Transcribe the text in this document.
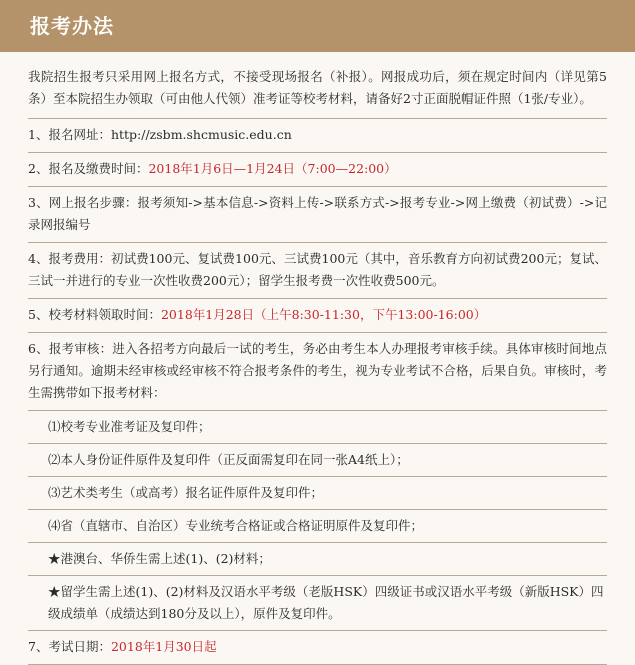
报考办法
我院招生报考只采用网上报名方式，不接受现场报名（补报）。网报成功后，须在规定时间内（详见第5条）至本院招生办领取（可由他人代领）准考证等校考材料，请备好2寸正面脱帽证件照（1张/专业）。
1、报名网址：http://zsbm.shcmusic.edu.cn
2、报名及缴费时间：2018年1月6日—1月24日（7:00—22:00）
3、网上报名步骤：报考须知->基本信息->资料上传->联系方式->报考专业->网上缴费（初试费）->记录网报编号
4、报考费用：初试费100元、复试费100元、三试费100元（其中，音乐教育方向初试费200元；复试、三试一并进行的专业一次性收费200元）；留学生报考费一次性收费500元。
5、校考材料领取时间：2018年1月28日（上午8:30-11:30，下午13:00-16:00）
6、报考审核：进入各招考方向最后一试的考生，务必由考生本人办理报考审核手续。具体审核时间地点另行通知。逾期未经审核或经审核不符合报考条件的考生，视为专业考试不合格，后果自负。审核时，考生需携带如下报考材料：
⑴校考专业准考证及复印件；
⑵本人身份证件原件及复印件（正反面需复印在同一张A4纸上）；
⑶艺术类考生（或高考）报名证件原件及复印件；
⑷省（直辖市、自治区）专业统考合格证或合格证明原件及复印件；
★港澳台、华侨生需上述(1)、(2)材料；
★留学生需上述(1)、(2)材料及汉语水平考级（老版HSK）四级证书或汉语水平考级（新版HSK）四级成绩单（成绩达到180分及以上），原件及复印件。
7、考试日期：2018年1月30日起
